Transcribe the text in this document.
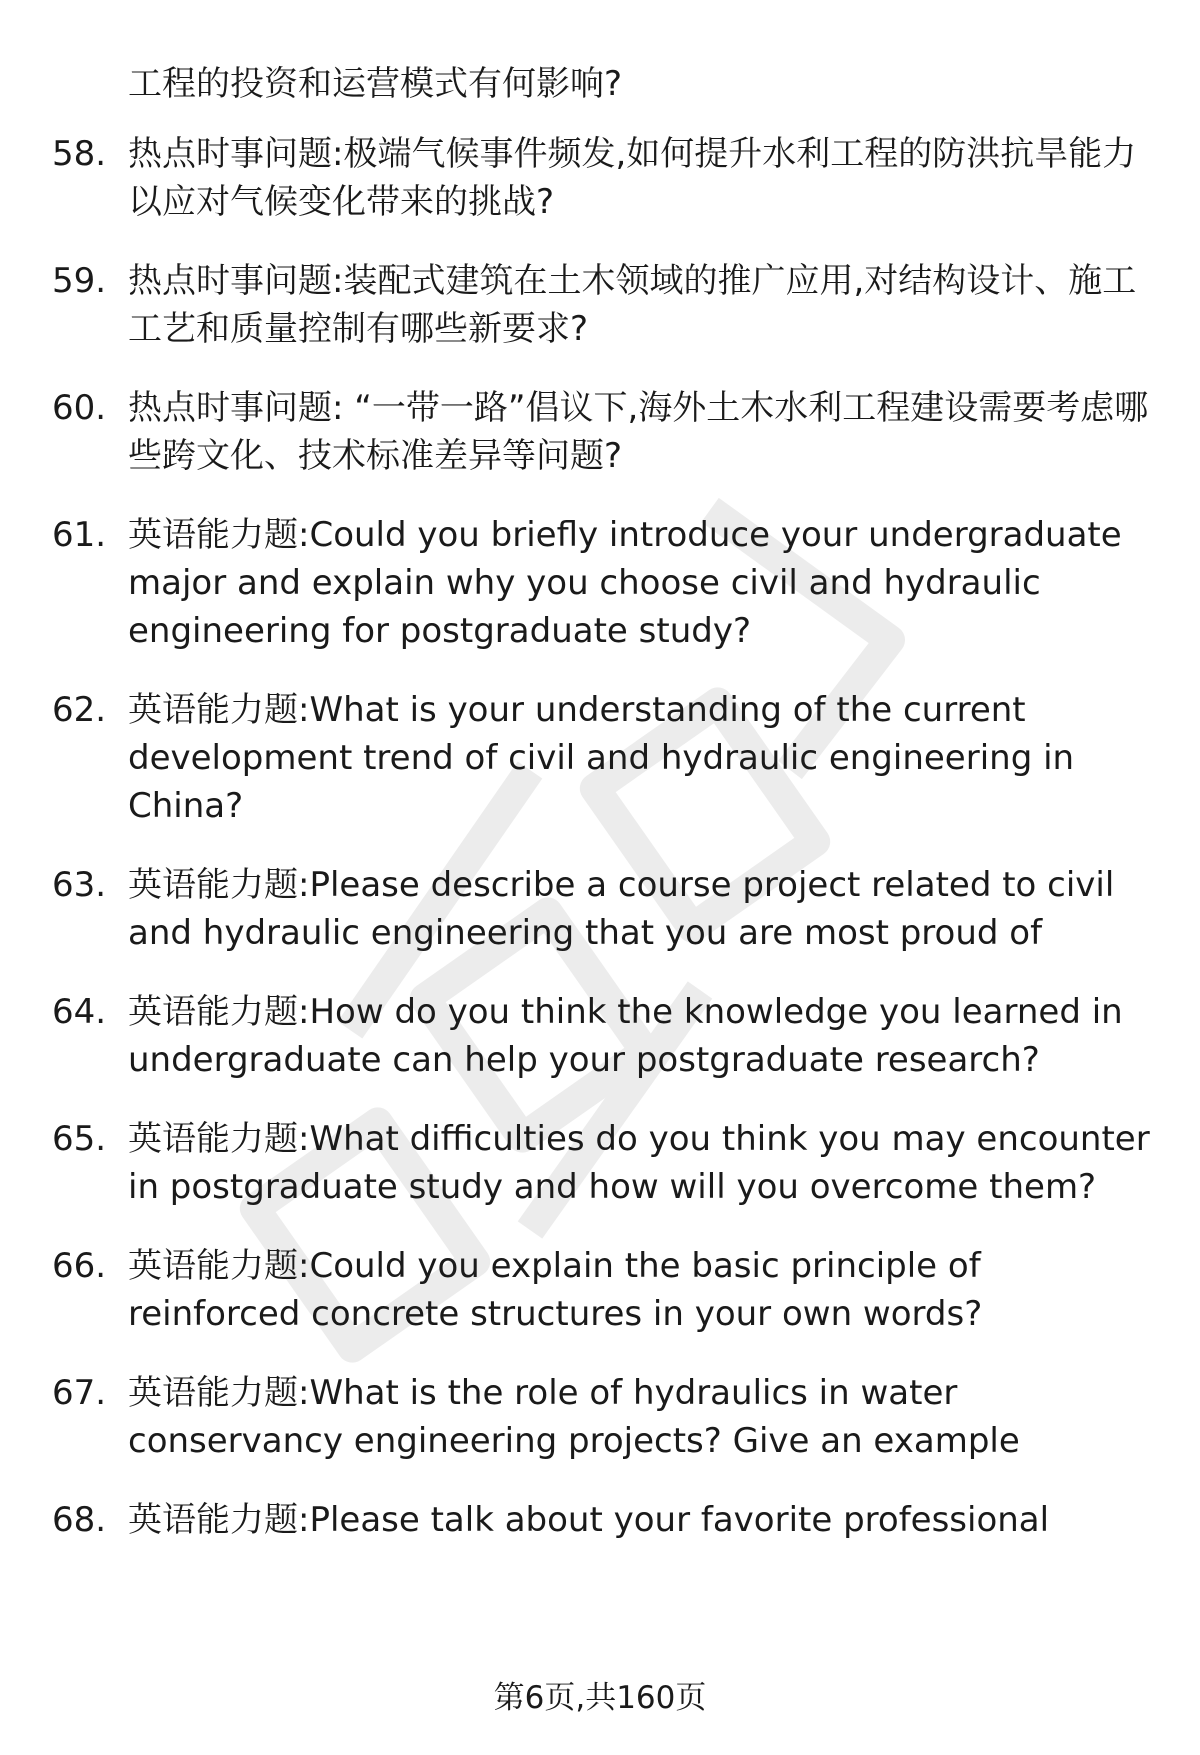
工程的投资和运营模式有何影响?
58. 热点时事问题:极端气候事件频发,如何提升水利工程的防洪抗旱能力以应对气候变化带来的挑战?
59. 热点时事问题:装配式建筑在土木领域的推广应用,对结构设计、施工工艺和质量控制有哪些新要求?
60. 热点时事问题: “一带一路”倡议下,海外土木水利工程建设需要考虑哪些跨文化、技术标准差异等问题?
61. 英语能力题:Could you briefly introduce your undergraduate major and explain why you choose civil and hydraulic engineering for postgraduate study?
62. 英语能力题:What is your understanding of the current development trend of civil and hydraulic engineering in China?
63. 英语能力题:Please describe a course project related to civil and hydraulic engineering that you are most proud of
64. 英语能力题:How do you think the knowledge you learned in undergraduate can help your postgraduate research?
65. 英语能力题:What difficulties do you think you may encounter in postgraduate study and how will you overcome them?
66. 英语能力题:Could you explain the basic principle of reinforced concrete structures in your own words?
67. 英语能力题:What is the role of hydraulics in water conservancy engineering projects? Give an example
68. 英语能力题:Please talk about your favorite professional
第6页,共160页
